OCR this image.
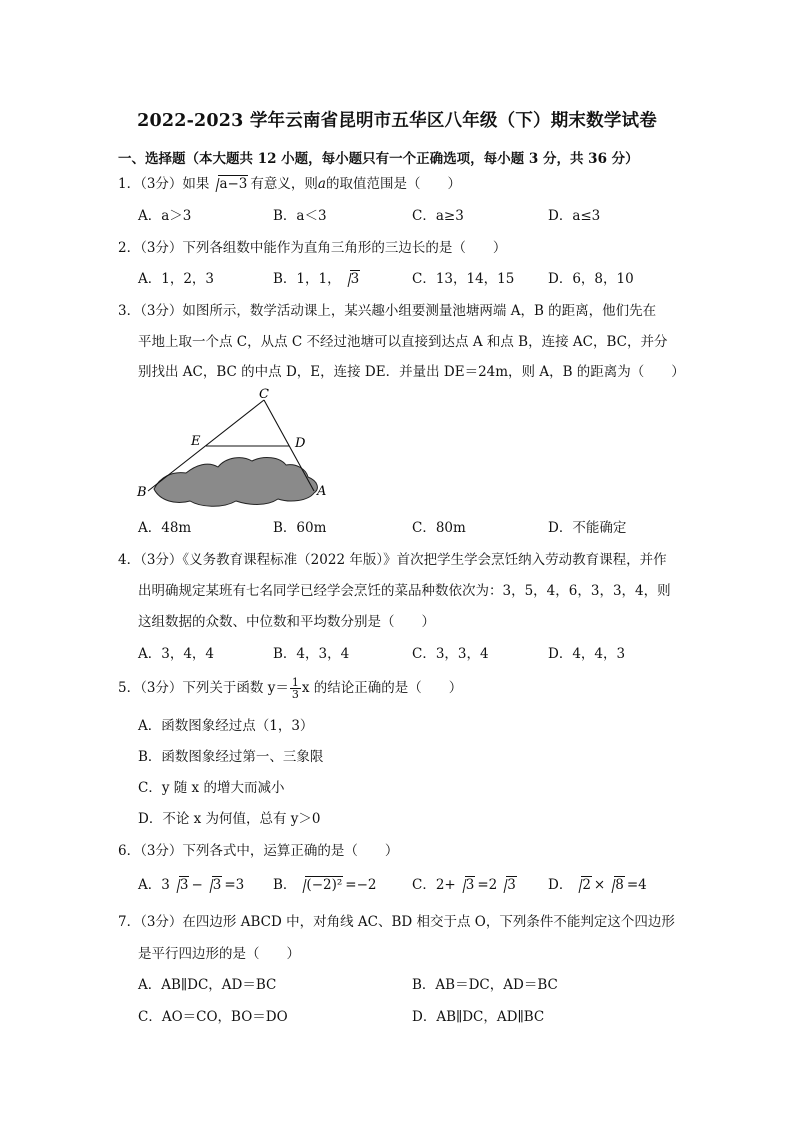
2022-2023 学年云南省昆明市五华区八年级（下）期末数学试卷
一、选择题（本大题共 12 小题，每小题只有一个正确选项，每小题 3 分，共 36 分）
1．（3分）如果 a−3 有意义，则a的取值范围是（　　）
A．a＞3	B．a＜3	C．a≥3	D．a≤3
2．（3分）下列各组数中能作为直角三角形的三边长的是（　　）
A．1，2，3	B．1，1， 3	C．13，14，15 D．6，8，10
3．（3分）如图所示，数学活动课上，某兴趣小组要测量池塘两端 A，B 的距离，他们先在
平地上取一个点 C，从点 C 不经过池塘可以直接到达点 A 和点 B，连接 AC，BC，并分
别找出 AC，BC 的中点 D，E，连接 DE．并量出 DE＝24m，则 A，B 的距离为（　　）
C
E	D
B	A
A．48m	B．60m	C．80m	D．不能确定
4．（3分）《义务教育课程标准（2022 年版）》首次把学生学会烹饪纳入劳动教育课程，并作
出明确规定某班有七名同学已经学会烹饪的菜品种数依次为：3，5，4，6，3，3，4，则
这组数据的众数、中位数和平均数分别是（　　）
A．3，4，4	B．4，3，4	C．3，3，4	D．4，4，3
5．（3分）下列关于函数 $y= \frac{1}{3}$ x 的结论正确的是（　　）
A．函数图象经过点（1，3）
B．函数图象经过第一、三象限
C．y 随 x 的增大而减小
D．不论 x 为何值，总有 y＞0
6．（3分）下列各式中，运算正确的是（　　）
A．3 3 − 3 =3 B． (−2)² =−2	C．2+ 3 =2 3 D． 2 × 8 =4
7．（3分）在四边形 ABCD 中，对角线 AC、BD 相交于点 O，下列条件不能判定这个四边形
是平行四边形的是（　　）
A．AB∥DC，AD＝BC	B．AB＝DC，AD＝BC
C．AO＝CO，BO＝DO	D．AB∥DC，AD∥BC
